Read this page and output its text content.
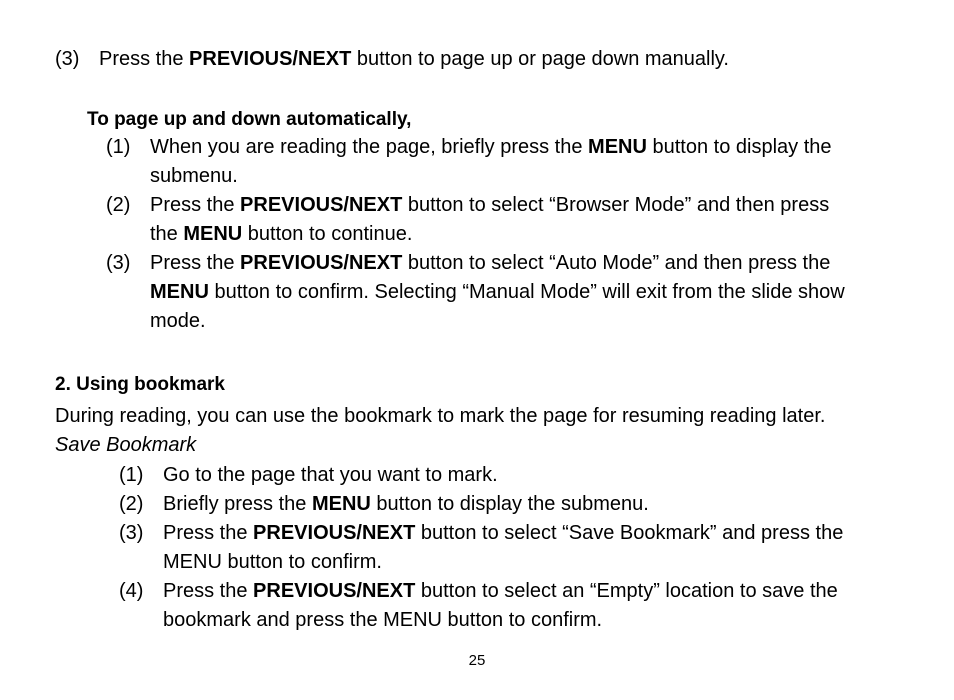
(3) Press the PREVIOUS/NEXT button to page up or page down manually.
To page up and down automatically,
(1) When you are reading the page, briefly press the MENU button to display the
submenu.
(2) Press the PREVIOUS/NEXT button to select “Browser Mode” and then press
the MENU button to continue.
(3) Press the PREVIOUS/NEXT button to select “Auto Mode” and then press the
MENU button to confirm. Selecting “Manual Mode” will exit from the slide show
mode.
2. Using bookmark
During reading, you can use the bookmark to mark the page for resuming reading later.
Save Bookmark
(1) Go to the page that you want to mark.
(2) Briefly press the MENU button to display the submenu.
(3) Press the PREVIOUS/NEXT button to select “Save Bookmark” and press the
MENU button to confirm.
(4) Press the PREVIOUS/NEXT button to select an “Empty” location to save the
bookmark and press the MENU button to confirm.
25
